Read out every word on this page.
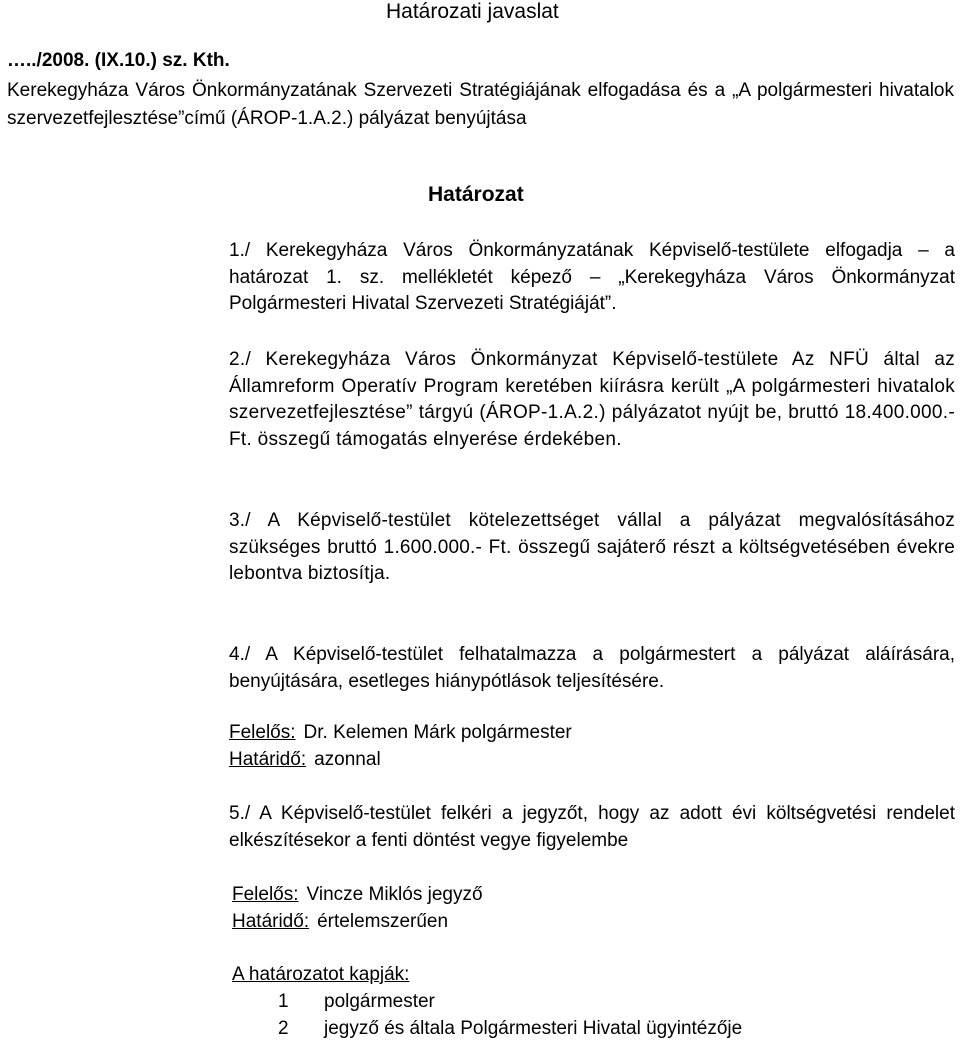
Határozati javaslat
…../2008. (IX.10.) sz. Kth.
Kerekegyháza Város Önkormányzatának Szervezeti Stratégiájának elfogadása és a „A polgármesteri hivatalok szervezetfejlesztése”című (ÁROP-1.A.2.) pályázat benyújtása
Határozat

1./ Kerekegyháza Város Önkormányzatának Képviselő-testülete elfogadja – a határozat 1. sz. mellékletét képező – „Kerekegyháza Város Önkormányzat Polgármesteri Hivatal Szervezeti Stratégiáját”.

2./ Kerekegyháza Város Önkormányzat Képviselő-testülete Az NFÜ által az Államreform Operatív Program keretében kiírásra került „A polgármesteri hivatalok szervezetfejlesztése” tárgyú (ÁROP-1.A.2.) pályázatot nyújt be, bruttó 18.400.000.- Ft. összegű támogatás elnyerése érdekében.

3./ A Képviselő-testület kötelezettséget vállal a pályázat megvalósításához szükséges bruttó 1.600.000.- Ft. összegű sajáterő részt a költségvetésében évekre lebontva biztosítja.

4./ A Képviselő-testület felhatalmazza a polgármestert a pályázat aláírására, benyújtására, esetleges hiánypótlások teljesítésére.

Felelős: Dr. Kelemen Márk polgármester
Határidő: azonnal

5./ A Képviselő-testület felkéri a jegyzőt, hogy az adott évi költségvetési rendelet elkészítésekor a fenti döntést vegye figyelembe

Felelős: Vincze Miklós jegyző
Határidő: értelemszerűen
A határozatot kapják:
1 polgármester
2 jegyző és általa Polgármesteri Hivatal ügyintézője
